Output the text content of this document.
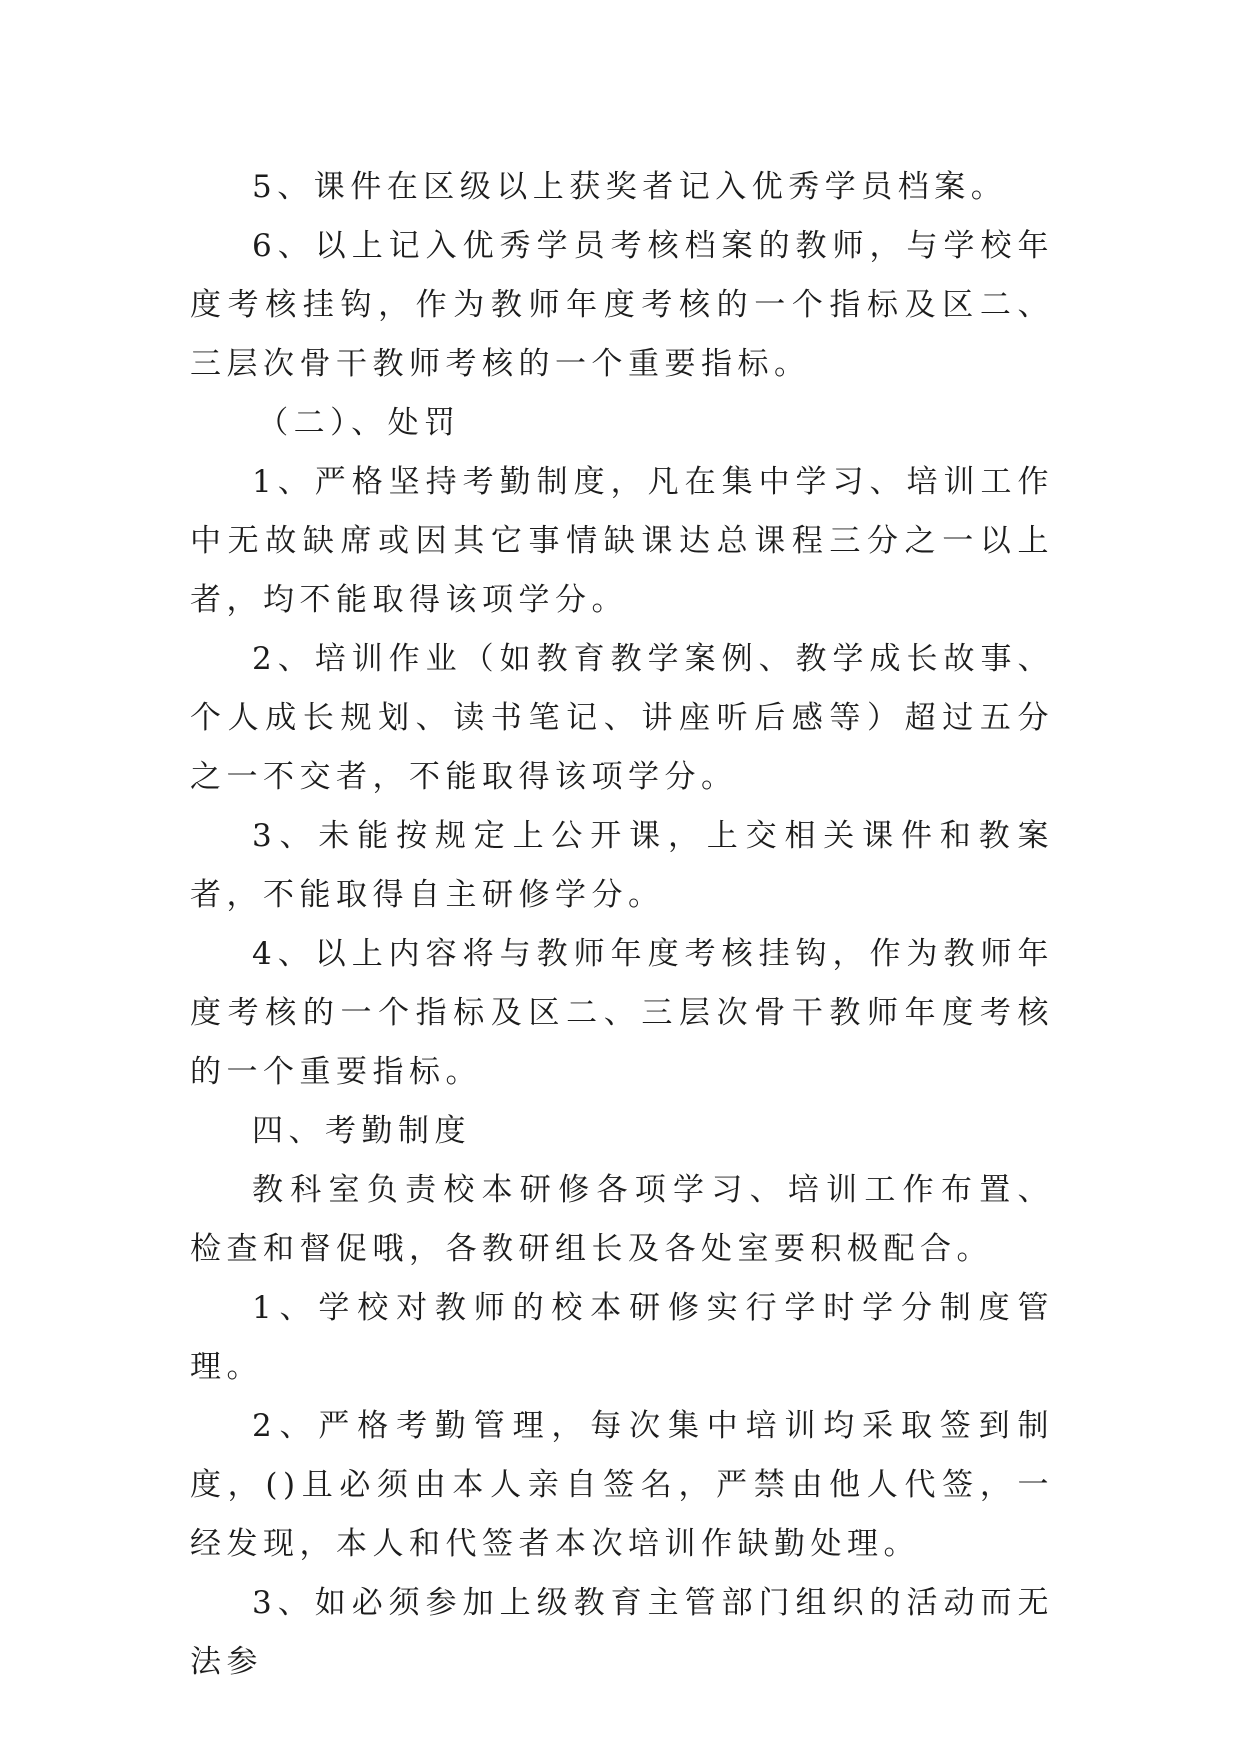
5、课件在区级以上获奖者记入优秀学员档案。

6、以上记入优秀学员考核档案的教师，与学校年度考核挂钩，作为教师年度考核的一个指标及区二、三层次骨干教师考核的一个重要指标。

（二）、处罚

1、严格坚持考勤制度，凡在集中学习、培训工作中无故缺席或因其它事情缺课达总课程三分之一以上者，均不能取得该项学分。

2、培训作业（如教育教学案例、教学成长故事、个人成长规划、读书笔记、讲座听后感等）超过五分之一不交者，不能取得该项学分。

3、未能按规定上公开课，上交相关课件和教案者，不能取得自主研修学分。

4、以上内容将与教师年度考核挂钩，作为教师年度考核的一个指标及区二、三层次骨干教师年度考核的一个重要指标。

四、考勤制度

教科室负责校本研修各项学习、培训工作布置、检查和督促哦，各教研组长及各处室要积极配合。

1、学校对教师的校本研修实行学时学分制度管理。

2、严格考勤管理，每次集中培训均采取签到制度，()且必须由本人亲自签名，严禁由他人代签，一经发现，本人和代签者本次培训作缺勤处理。

3、如必须参加上级教育主管部门组织的活动而无法参
